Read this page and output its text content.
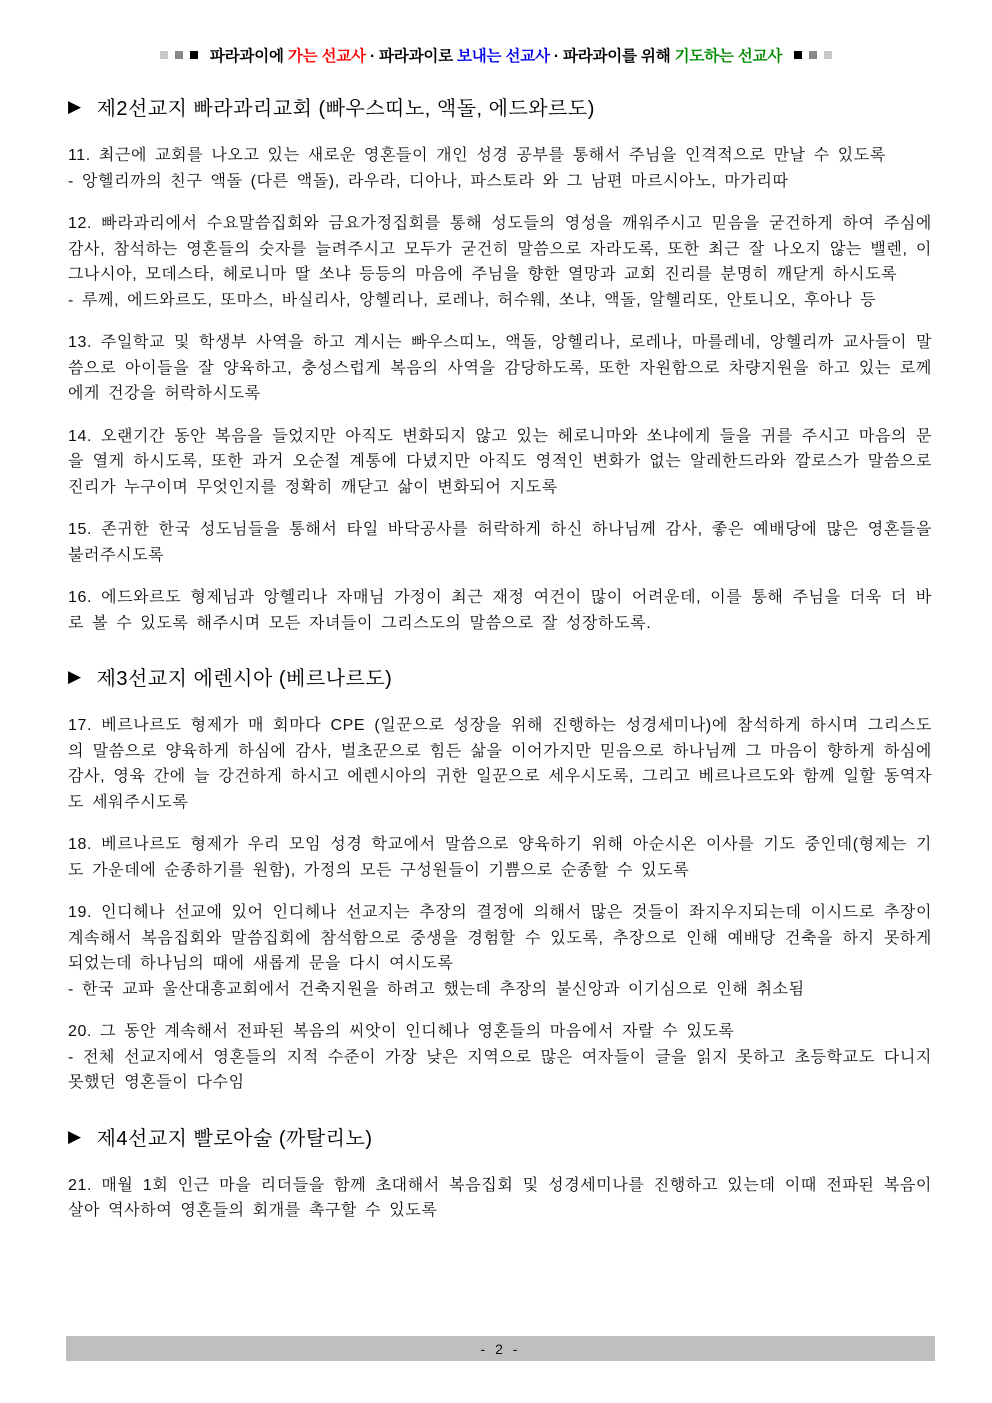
파라과이에 가는 선교사 · 파라과이로 보내는 선교사 · 파라과이를 위해 기도하는 선교사
▶ 제2선교지 빠라과리교회 (빠우스띠노, 액돌, 에드와르도)

11. 최근에 교회를 나오고 있는 새로운 영혼들이 개인 성경 공부를 통해서 주님을 인격적으로 만날 수 있도록

- 앙헬리까의 친구 액돌 (다른 액돌), 라우라, 디아나, 파스토라 와 그 남편 마르시아노, 마가리따

12. 빠라과리에서 수요말씀집회와 금요가정집회를 통해 성도들의 영성을 깨워주시고 믿음을 굳건하게 하여 주심에 감사, 참석하는 영혼들의 숫자를 늘려주시고 모두가 굳건히 말씀으로 자라도록, 또한 최근 잘 나오지 않는 밸렌, 이그나시아, 모데스타, 헤로니마 딸 쏘냐 등등의 마음에 주님을 향한 열망과 교회 진리를 분명히 깨닫게 하시도록

- 루께, 에드와르도, 또마스, 바실리사, 앙헬리나, 로레나, 허수웨, 쏘냐, 액돌, 알헬리또, 안토니오, 후아나 등

13. 주일학교 및 학생부 사역을 하고 계시는 빠우스띠노, 액돌, 앙헬리나, 로레나, 마를레네, 앙헬리까 교사들이 말씀으로 아이들을 잘 양육하고, 충성스럽게 복음의 사역을 감당하도록, 또한 자원함으로 차량지원을 하고 있는 로께에게 건강을 허락하시도록

14. 오랜기간 동안 복음을 들었지만 아직도 변화되지 않고 있는 헤로니마와 쏘냐에게 들을 귀를 주시고 마음의 문을 열게 하시도록, 또한 과거 오순절 계통에 다녔지만 아직도 영적인 변화가 없는 알레한드라와 깔로스가 말씀으로 진리가 누구이며 무엇인지를 정확히 깨닫고 삶이 변화되어 지도록

15. 존귀한 한국 성도님들을 통해서 타일 바닥공사를 허락하게 하신 하나님께 감사, 좋은 예배당에 많은 영혼들을 불러주시도록

16. 에드와르도 형제님과 앙헬리나 자매님 가정이 최근 재정 여건이 많이 어려운데, 이를 통해 주님을 더욱 더 바로 볼 수 있도록 해주시며 모든 자녀들이 그리스도의 말씀으로 잘 성장하도록.

▶ 제3선교지 에렌시아 (베르나르도)

17. 베르나르도 형제가 매 회마다 CPE (일꾼으로 성장을 위해 진행하는 성경세미나)에 참석하게 하시며 그리스도의 말씀으로 양육하게 하심에 감사, 벌초꾼으로 힘든 삶을 이어가지만 믿음으로 하나님께 그 마음이 향하게 하심에 감사, 영육 간에 늘 강건하게 하시고 에렌시아의 귀한 일꾼으로 세우시도록, 그리고 베르나르도와 함께 일할 동역자도 세워주시도록

18. 베르나르도 형제가 우리 모임 성경 학교에서 말씀으로 양육하기 위해 아순시온 이사를 기도 중인데(형제는 기도 가운데에 순종하기를 원함), 가정의 모든 구성원들이 기쁨으로 순종할 수 있도록

19. 인디헤나 선교에 있어 인디헤나 선교지는 추장의 결정에 의해서 많은 것들이 좌지우지되는데 이시드로 추장이 계속해서 복음집회와 말씀집회에 참석함으로 중생을 경험할 수 있도록, 추장으로 인해 예배당 건축을 하지 못하게 되었는데 하나님의 때에 새롭게 문을 다시 여시도록

- 한국 교파 울산대흥교회에서 건축지원을 하려고 했는데 추장의 불신앙과 이기심으로 인해 취소됨

20. 그 동안 계속해서 전파된 복음의 씨앗이 인디헤나 영혼들의 마음에서 자랄 수 있도록

- 전체 선교지에서 영혼들의 지적 수준이 가장 낮은 지역으로 많은 여자들이 글을 읽지 못하고 초등학교도 다니지 못했던 영혼들이 다수임

▶ 제4선교지 빨로아술 (까탈리노)

21. 매월 1회 인근 마을 리더들을 함께 초대해서 복음집회 및 성경세미나를 진행하고 있는데 이때 전파된 복음이 살아 역사하여 영혼들의 회개를 촉구할 수 있도록

- 2 -
